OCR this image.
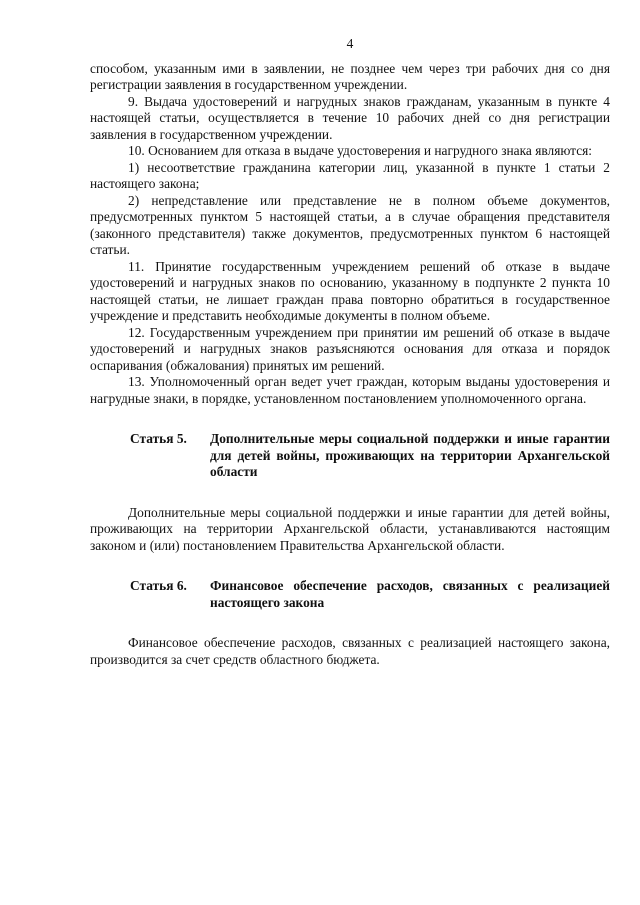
4

способом, указанным ими в заявлении, не позднее чем через три рабочих дня со дня регистрации заявления в государственном учреждении.

9. Выдача удостоверений и нагрудных знаков гражданам, указанным в пункте 4 настоящей статьи, осуществляется в течение 10 рабочих дней со дня регистрации заявления в государственном учреждении.

10. Основанием для отказа в выдаче удостоверения и нагрудного знака являются:

1) несоответствие гражданина категории лиц, указанной в пункте 1 статьи 2 настоящего закона;

2) непредставление или представление не в полном объеме документов, предусмотренных пунктом 5 настоящей статьи, а в случае обращения представителя (законного представителя) также документов, предусмотренных пунктом 6 настоящей статьи.

11. Принятие государственным учреждением решений об отказе в выдаче удостоверений и нагрудных знаков по основанию, указанному в подпункте 2 пункта 10 настоящей статьи, не лишает граждан права повторно обратиться в государственное учреждение и представить необходимые документы в полном объеме.

12. Государственным учреждением при принятии им решений об отказе в выдаче удостоверений и нагрудных знаков разъясняются основания для отказа и порядок оспаривания (обжалования) принятых им решений.

13. Уполномоченный орган ведет учет граждан, которым выданы удостоверения и нагрудные знаки, в порядке, установленном постановлением уполномоченного органа.

Статья 5.	Дополнительные меры социальной поддержки и иные гарантии для детей войны, проживающих на территории Архангельской области

Дополнительные меры социальной поддержки и иные гарантии для детей войны, проживающих на территории Архангельской области, устанавливаются настоящим законом и (или) постановлением Правительства Архангельской области.

Статья 6.	Финансовое обеспечение расходов, связанных с реализацией настоящего закона

Финансовое обеспечение расходов, связанных с реализацией настоящего закона, производится за счет средств областного бюджета.
